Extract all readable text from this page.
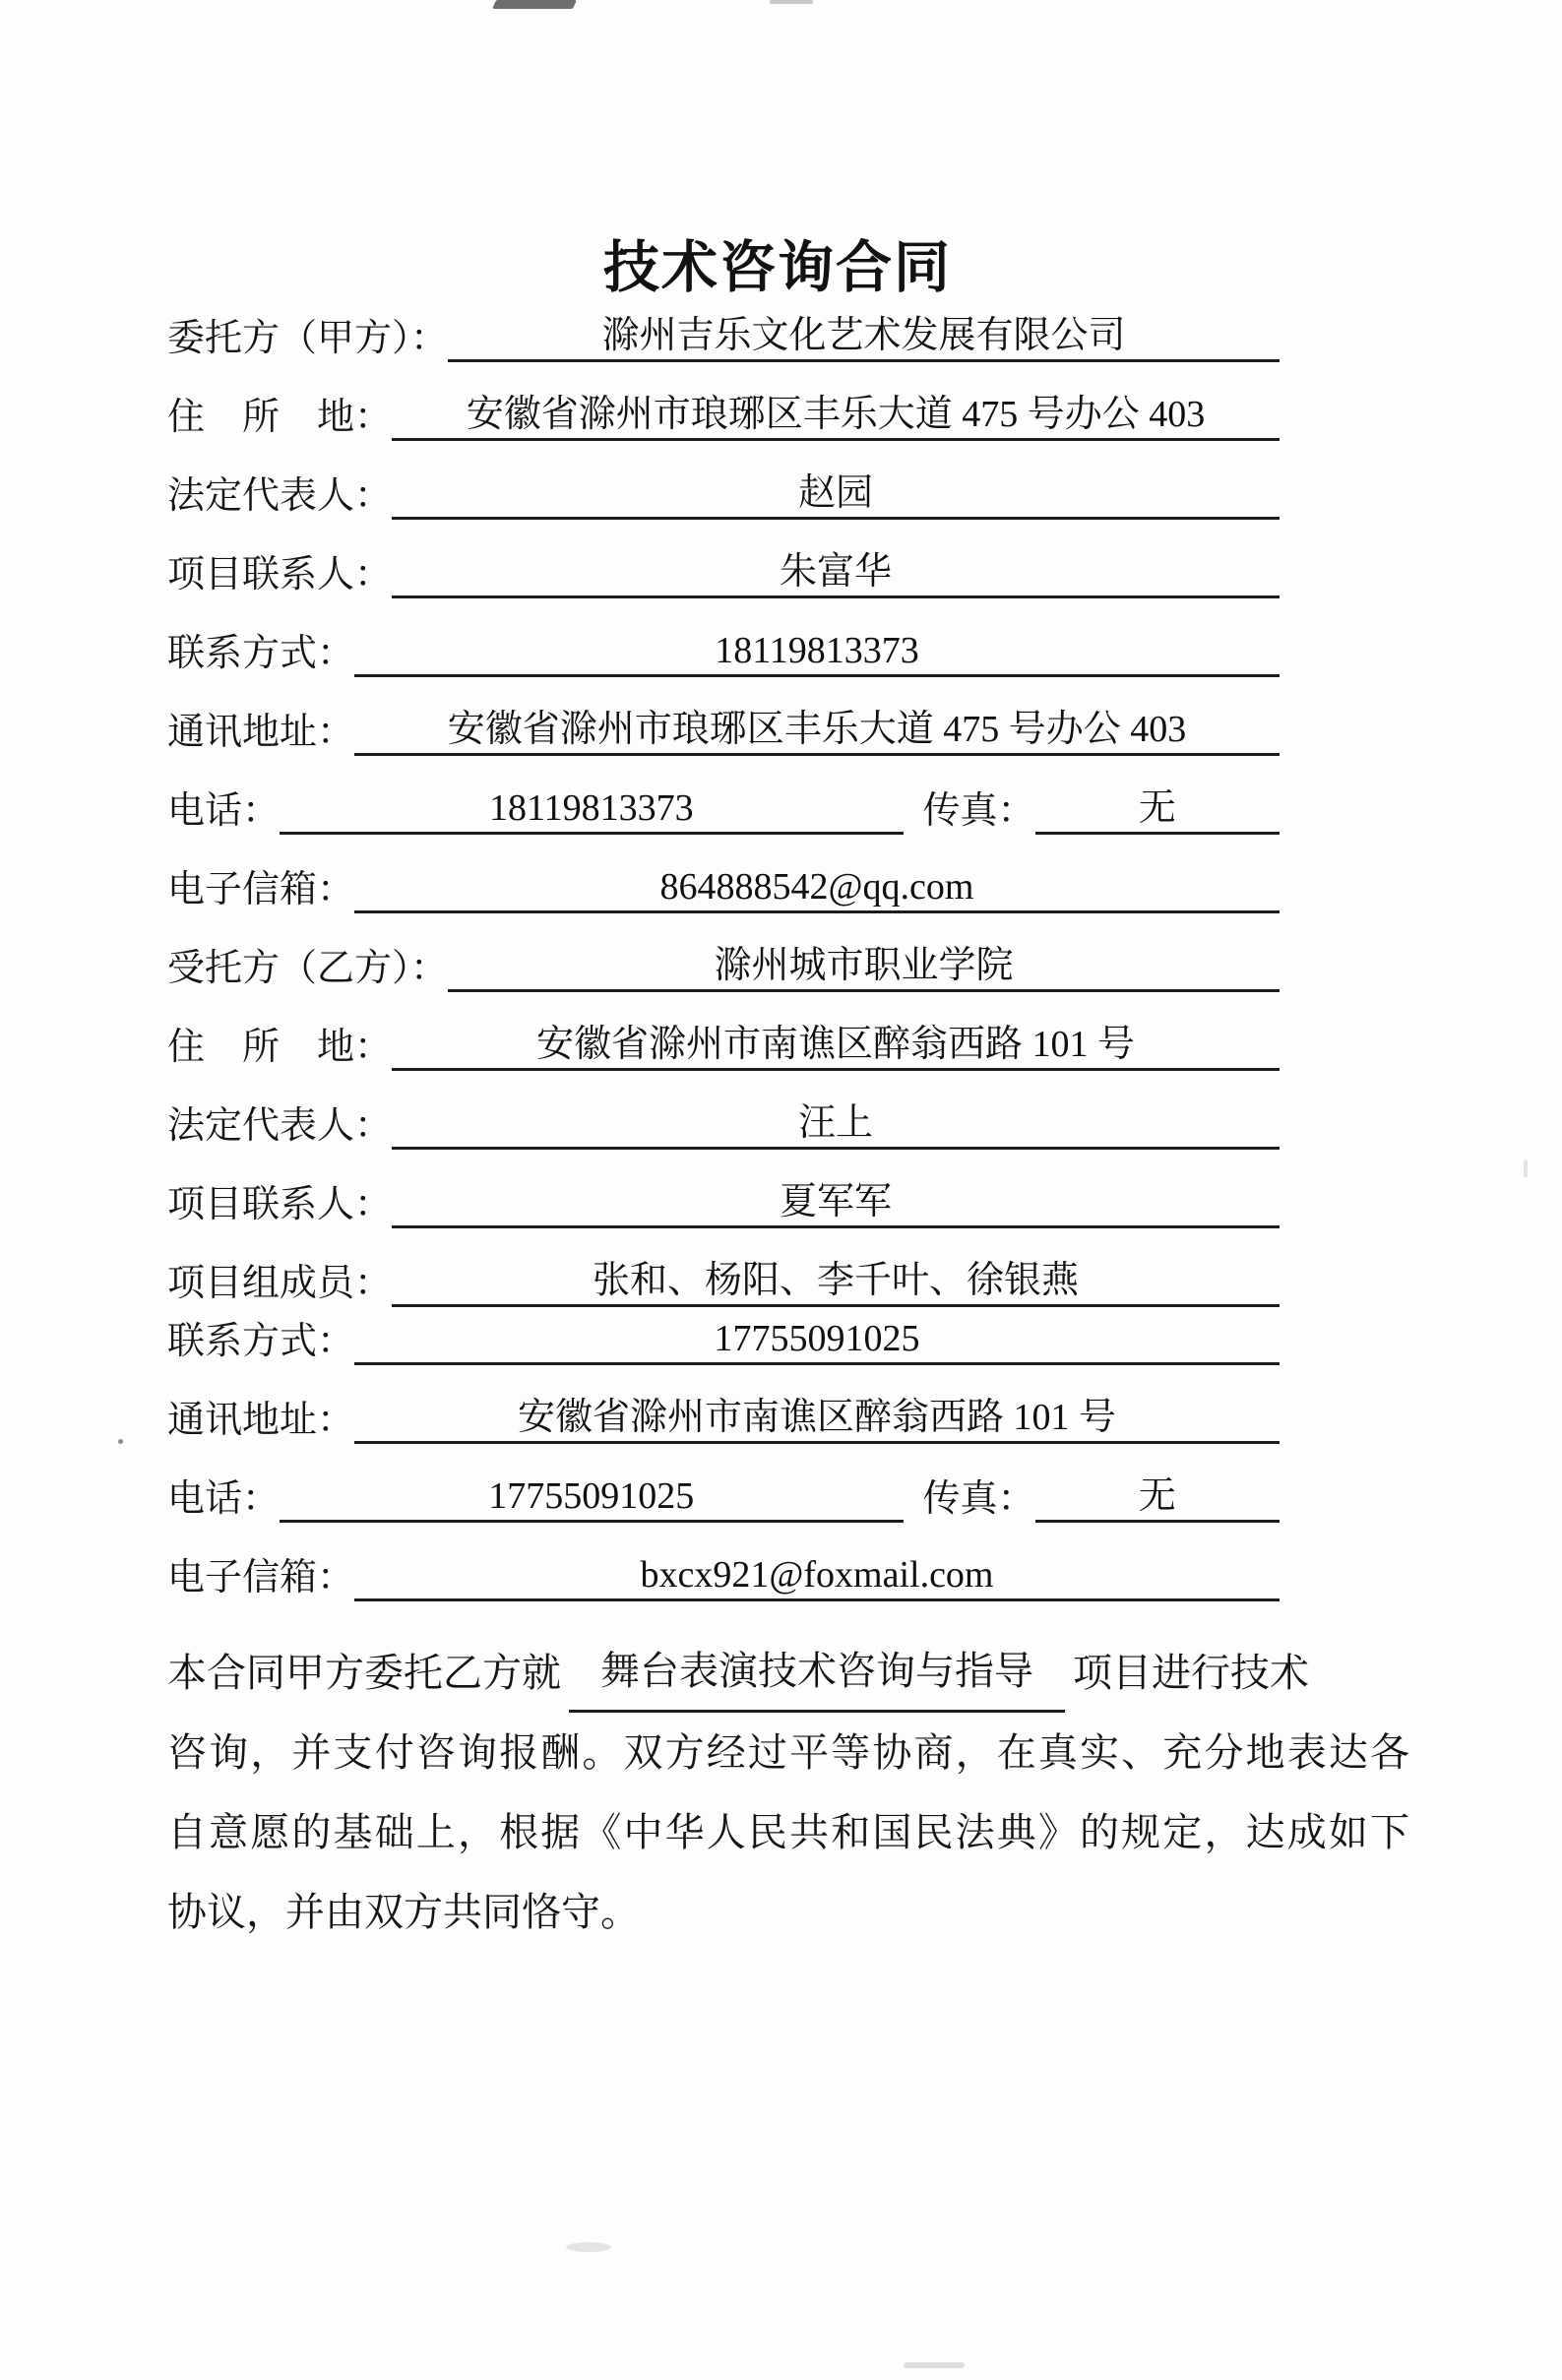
技术咨询合同
委托方（甲方）：	滁州吉乐文化艺术发展有限公司
住　所　地：	安徽省滁州市琅琊区丰乐大道 475 号办公 403
法定代表人：	赵园
项目联系人：	朱富华
联系方式：	18119813373
通讯地址：	安徽省滁州市琅琊区丰乐大道 475 号办公 403
电话：	18119813373	传真：	无
电子信箱：	864888542@qq.com
受托方（乙方）：	滁州城市职业学院
住　所　地：	安徽省滁州市南谯区醉翁西路 101 号
法定代表人：	汪上
项目联系人：	夏军军
项目组成员：	张和、杨阳、李千叶、徐银燕
联系方式：	17755091025
通讯地址：	安徽省滁州市南谯区醉翁西路 101 号
电话：	17755091025	传真：	无
电子信箱：	bxcx921@foxmail.com
本合同甲方委托乙方就	舞台表演技术咨询与指导	项目进行技术
咨询，并支付咨询报酬。双方经过平等协商，在真实、充分地表达各
自意愿的基础上，根据《中华人民共和国民法典》的规定，达成如下
协议，并由双方共同恪守。
